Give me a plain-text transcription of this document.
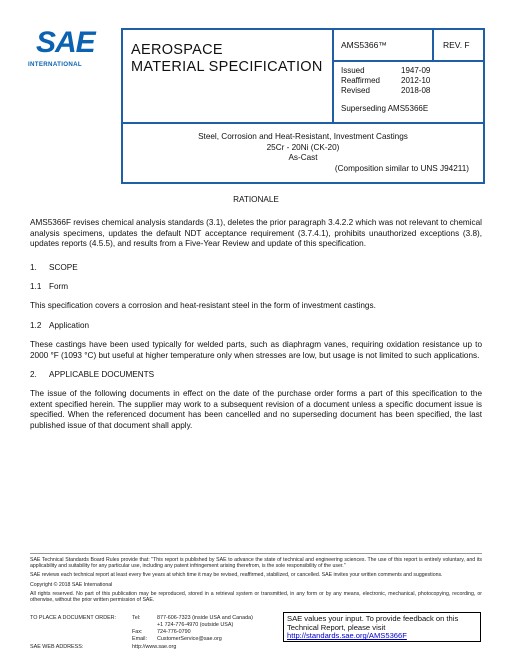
SAE
INTERNATIONAL
AEROSPACE
MATERIAL SPECIFICATION
AMS5366™	REV. F
Issued	1947-09
Reaffirmed	2012-10
Revised	2018-08
Superseding AMS5366E
Steel, Corrosion and Heat-Resistant, Investment Castings
25Cr - 20Ni (CK-20)
As-Cast
(Composition similar to UNS J94211)

RATIONALE

AMS5366F revises chemical analysis standards (3.1), deletes the prior paragraph 3.4.2.2 which was not relevant to chemical analysis specimens, updates the default NDT acceptance requirement (3.7.4.1), prohibits unauthorized exceptions (3.8), updates reports (4.5.5), and results from a Five-Year Review and update of this specification.

1.	SCOPE
1.1 Form

This specification covers a corrosion and heat-resistant steel in the form of investment castings.

1.2 Application

These castings have been used typically for welded parts, such as diaphragm vanes, requiring oxidation resistance up to 2000 °F (1093 °C) but useful at higher temperature only when stresses are low, but usage is not limited to such applications.

2.	APPLICABLE DOCUMENTS

The issue of the following documents in effect on the date of the purchase order forms a part of this specification to the extent specified herein. The supplier may work to a subsequent revision of a document unless a specific document issue is specified. When the referenced document has been cancelled and no superseding document has been specified, the last published issue of that document shall apply.

SAE Technical Standards Board Rules provide that: "This report is published by SAE to advance the state of technical and engineering sciences. The use of this report is entirely voluntary, and its applicability and suitability for any particular use, including any patent infringement arising therefrom, is the sole responsibility of the user."

SAE reviews each technical report at least every five years at which time it may be revised, reaffirmed, stabilized, or cancelled. SAE invites your written comments and suggestions.

Copyright © 2018 SAE International

All rights reserved. No part of this publication may be reproduced, stored in a retrieval system or transmitted, in any form or by any means, electronic, mechanical, photocopying, recording, or otherwise, without the prior written permission of SAE.

TO PLACE A DOCUMENT ORDER:	Tel:	877-606-7323 (inside USA and Canada)
+1 724-776-4970 (outside USA)
Fax:	724-776-0790
Email:	CustomerService@sae.org
SAE WEB ADDRESS:	http://www.sae.org
SAE values your input. To provide feedback on this Technical Report, please visit
http://standards.sae.org/AMS5366F
